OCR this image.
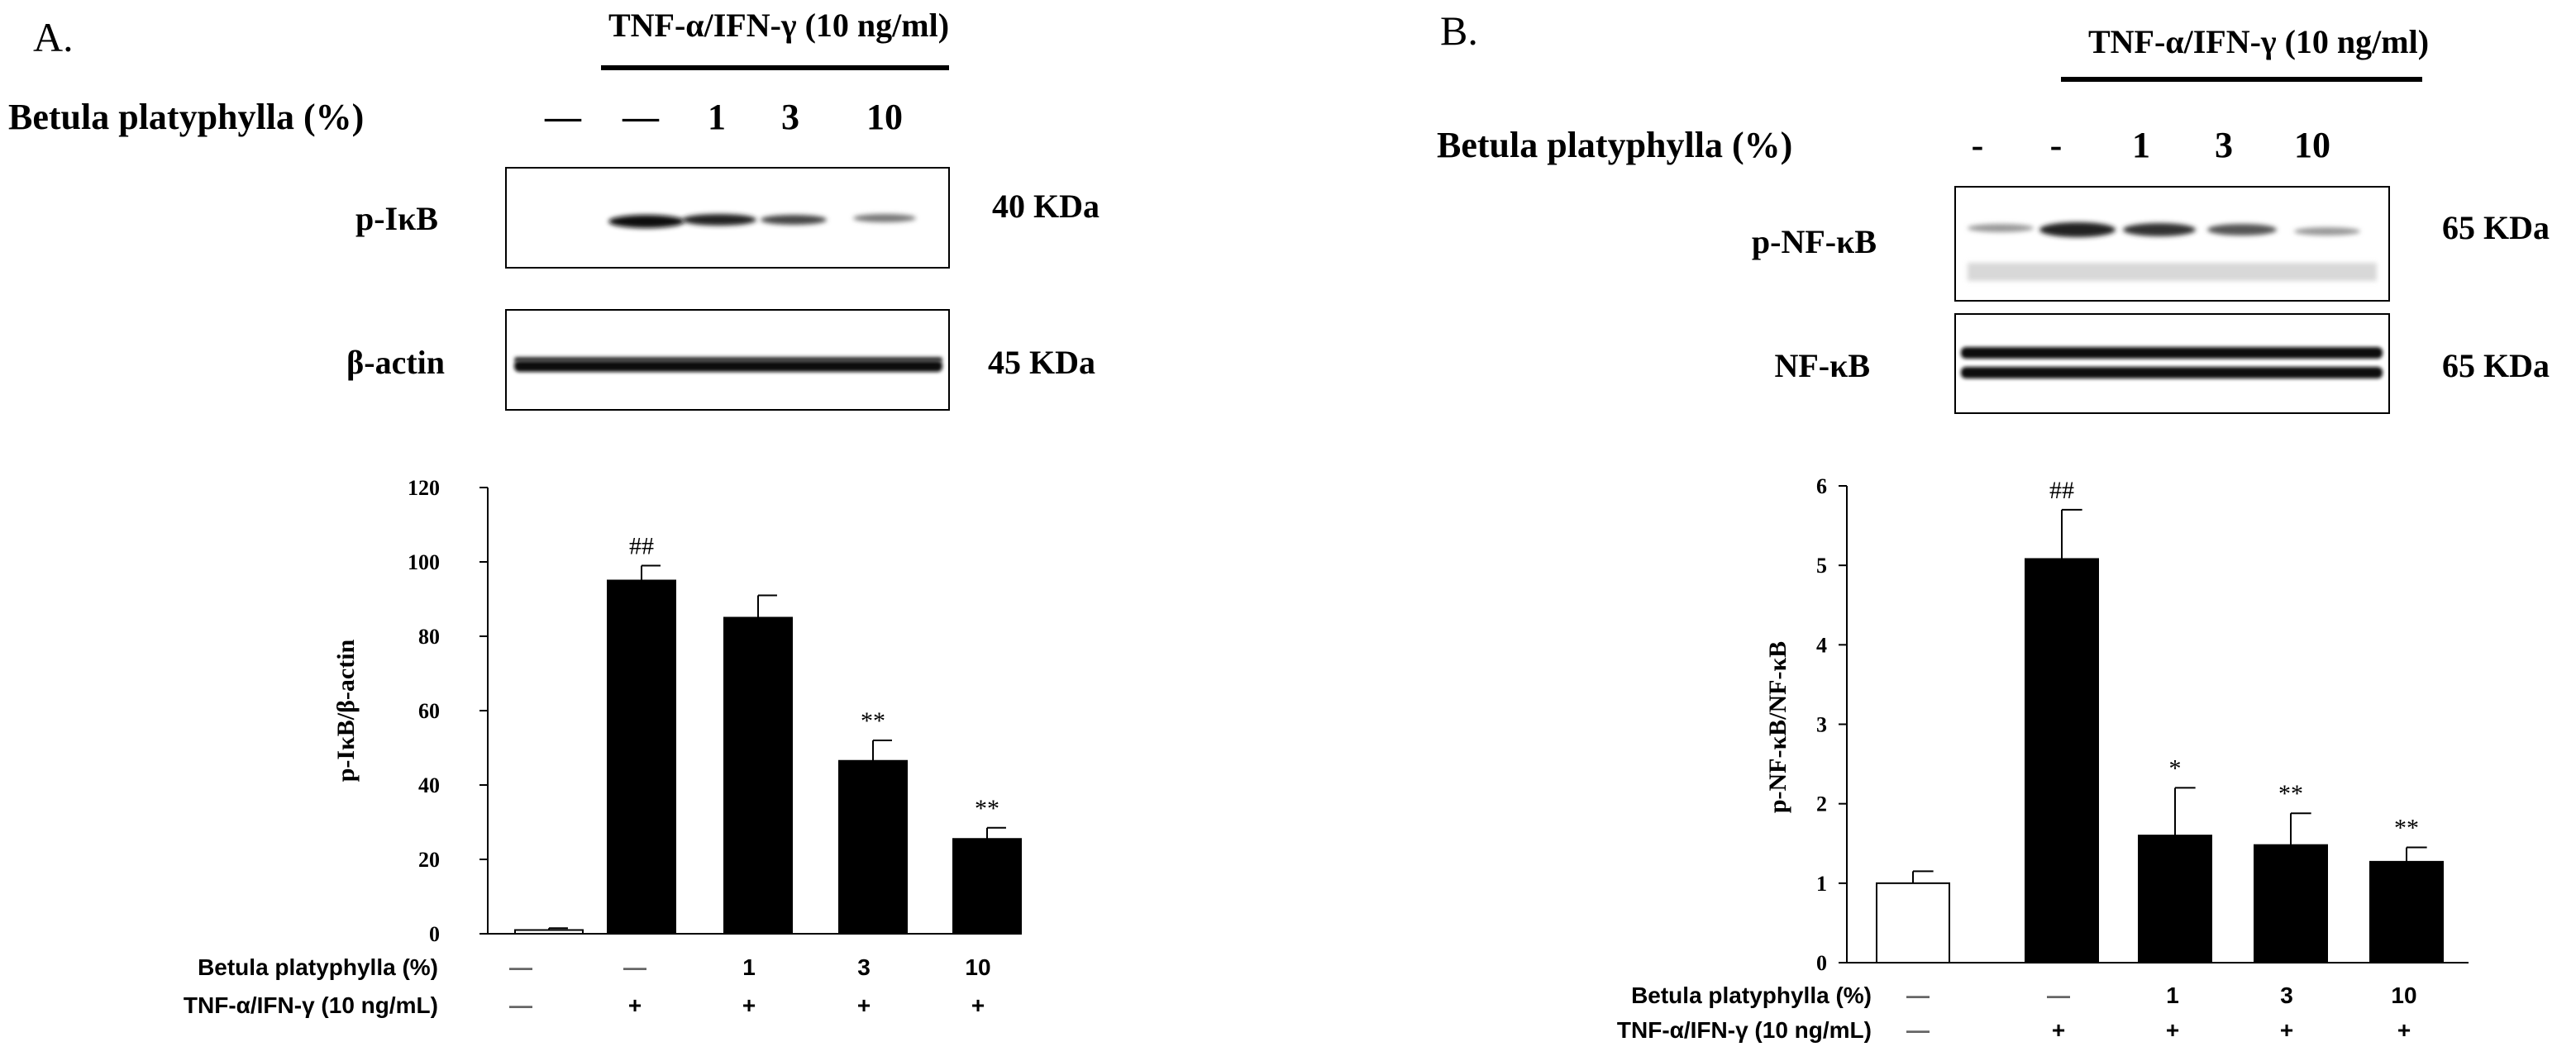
A.	TNF-α/IFN-γ (10 ng/ml)
Betula platyphylla (%)	— — 1 3 10
p-IκB	40 KDa
β-actin	45 KDa
B.	TNF-α/IFN-γ (10 ng/ml)
Betula platyphylla (%)	- - 1 3 10
p-NF-κB	65 KDa
NF-κB	65 KDa
0
20
40
60
80
100
120
p-IκB/β-actin
##
**
**
Betula platyphylla (%)
TNF-α/IFN-γ (10 ng/mL)
—	—	1	3	10
—	+	+	+	+
0
1
2
3
4
5
6
p-NF-κB/NF-κB
##
*
**
**
Betula platyphylla (%)
TNF-α/IFN-γ (10 ng/mL)
—	—	1	3	10
—	+	+	+	+
